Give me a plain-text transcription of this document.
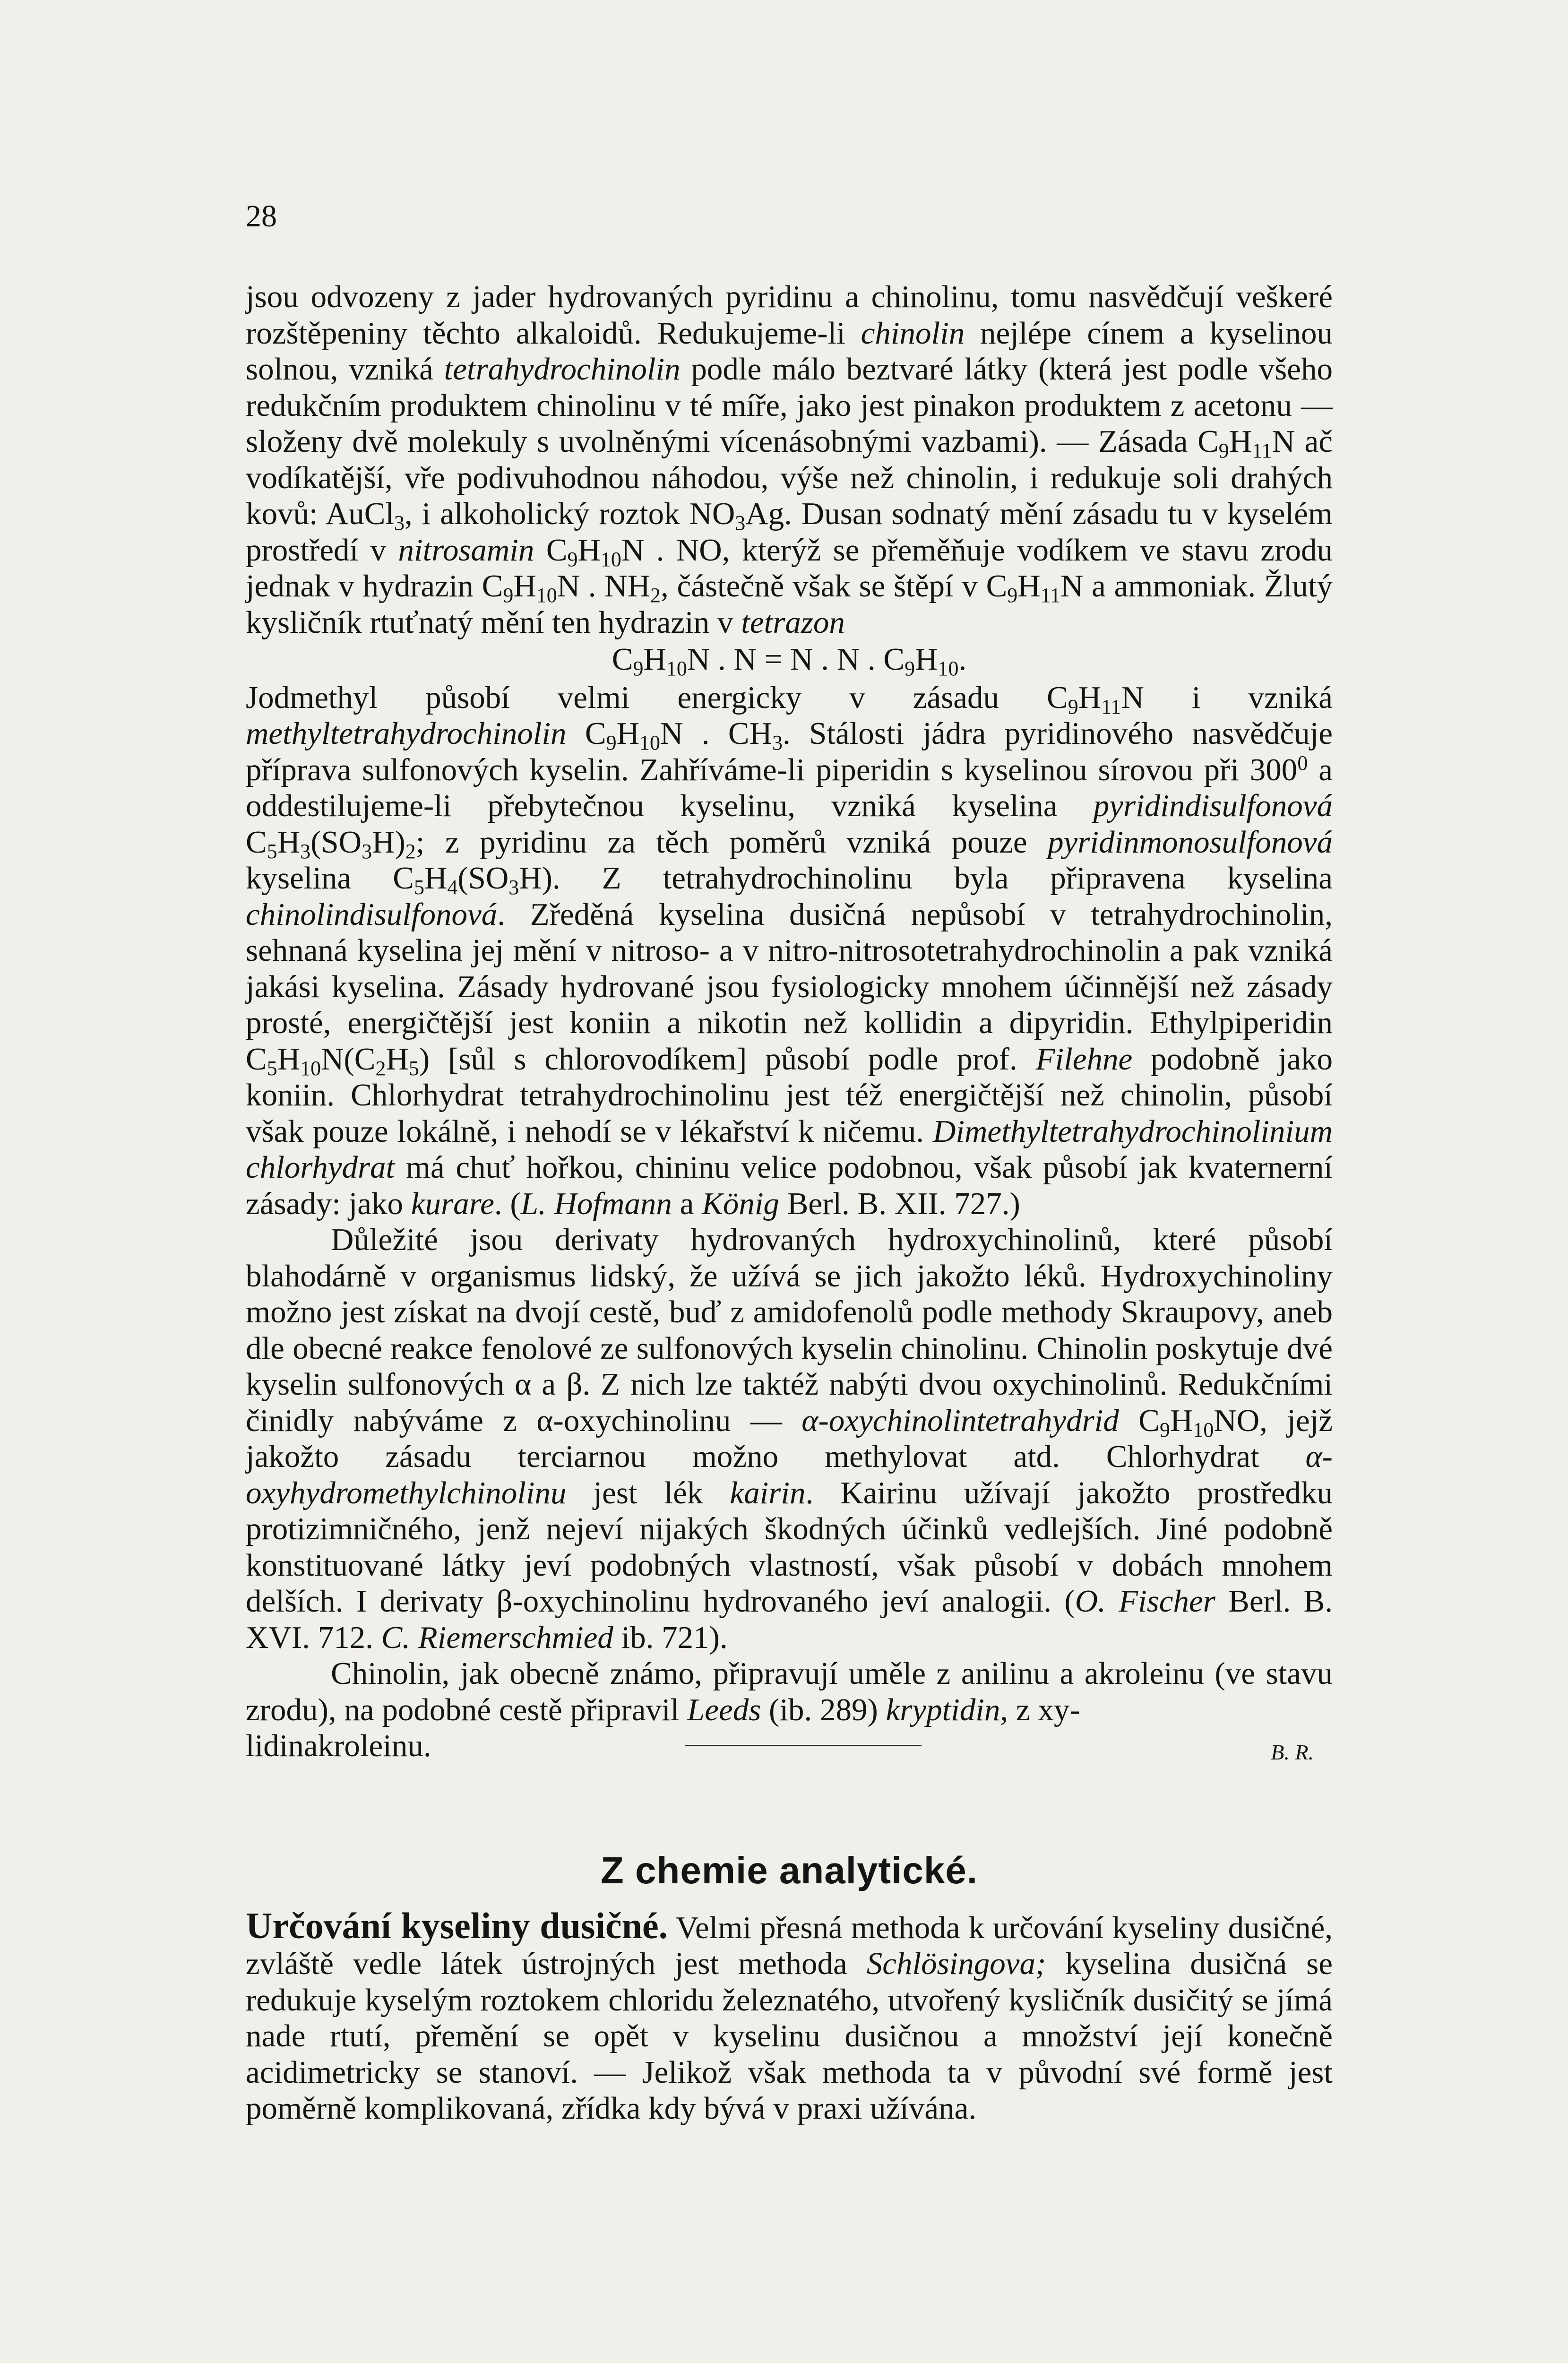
28

jsou odvozeny z jader hydrovaných pyridinu a chinolinu, tomu nasvědčují veškeré rozštěpeniny těchto alkaloidů. Redukujeme-li chinolin nejlépe cínem a kyselinou solnou, vzniká tetrahydrochinolin podle málo beztvaré látky (která jest podle všeho redukčním produktem chinolinu v té míře, jako jest pinakon produktem z acetonu — složeny dvě molekuly s uvolněnými vícenásobnými vazbami). — Zásada $C_9H_{11}N$ ač vodíkatější, vře podivuhodnou náhodou, výše než chinolin, i redukuje soli drahých kovů: AuCl$_3$, i alkoholický roztok $NO_3Ag$. Dusan sodnatý mění zásadu tu v kyselém prostředí v nitrosamin $C_9H_{10}N$ . NO, kterýž se přeměňuje vodíkem ve stavu zrodu jednak v hydrazin $C_9H_{10}N$ . $NH_2$, částečně však se štěpí v $C_9H_{11}N$ a ammoniak. Žlutý kysličník rtuťnatý mění ten hydrazin v tetrazon

$C_9H_{10}N$ . N = N . N . $C_9H_{10}$.

Jodmethyl působí velmi energicky v zásadu $C_9H_{11}N$ i vzniká methyltetrahydrochinolin $C_9H_{10}N$ . $CH_3$. Stálosti jádra pyridinového nasvědčuje příprava sulfonových kyselin. Zahříváme-li piperidin s kyselinou sírovou při $300^0$ a oddestilujeme-li přebytečnou kyselinu, vzniká kyselina pyridindisulfonová $C_5H_3(SO_3H)_2$; z pyridinu za těch poměrů vzniká pouze pyridinmonosulfonová kyselina $C_5H_4(SO_3H)$. Z tetrahydrochinolinu byla připravena kyselina chinolindisulfonová. Zředěná kyselina dusičná nepůsobí v tetrahydrochinolin, sehnaná kyselina jej mění v nitroso- a v nitro-nitrosotetrahydrochinolin a pak vzniká jakási kyselina. Zásady hydrované jsou fysiologicky mnohem účinnější než zásady prosté, energičtější jest koniin a nikotin než kollidin a dipyridin. Ethylpiperidin $C_5H_{10}N(C_2H_5)$ [sůl s chlorovodíkem] působí podle prof. Filehne podobně jako koniin. Chlorhydrat tetrahydrochinolinu jest též energičtější než chinolin, působí však pouze lokálně, i nehodí se v lékařství k ničemu. Dimethyltetrahydrochinolinium chlorhydrat má chuť hořkou, chininu velice podobnou, však působí jak kvaternerní zásady: jako kurare. (L. Hofmann a König Berl. B. XII. 727.)

Důležité jsou derivaty hydrovaných hydroxychinolinů, které působí blahodárně v organismus lidský, že užívá se jich jakožto léků. Hydroxychinoliny možno jest získat na dvojí cestě, buď z amidofenolů podle methody Skraupovy, aneb dle obecné reakce fenolové ze sulfonových kyselin chinolinu. Chinolin poskytuje dvé kyselin sulfonových α a β. Z nich lze taktéž nabýti dvou oxychinolinů. Redukčními činidly nabýváme z α-oxychinolinu — α-oxychinolintetrahydrid $C_9H_{10}NO$, jejž jakožto zásadu terciarnou možno methylovat atd. Chlorhydrat α-oxyhydromethylchinolinu jest lék kairin. Kairinu užívají jakožto prostředku protizimničného, jenž nejeví nijakých škodných účinků vedlejších. Jiné podobně konstituované látky jeví podobných vlastností, však působí v dobách mnohem delších. I derivaty β-oxychinolinu hydrovaného jeví analogii. (O. Fischer Berl. B. XVI. 712. C. Riemerschmied ib. 721).

Chinolin, jak obecně známo, připravují uměle z anilinu a akroleinu (ve stavu zrodu), na podobné cestě připravil Leeds (ib. 289) kryptidin, z xy-

lidinakroleinu.	B. R.
Z chemie analytické.

Určování kyseliny dusičné. Velmi přesná methoda k určování kyseliny dusičné, zvláště vedle látek ústrojných jest methoda Schlösingova; kyselina dusičná se redukuje kyselým roztokem chloridu železnatého, utvořený kysličník dusičitý se jímá nade rtutí, přemění se opět v kyselinu dusičnou a množství její konečně acidimetricky se stanoví. — Jelikož však methoda ta v původní své formě jest poměrně komplikovaná, zřídka kdy bývá v praxi užívána.
